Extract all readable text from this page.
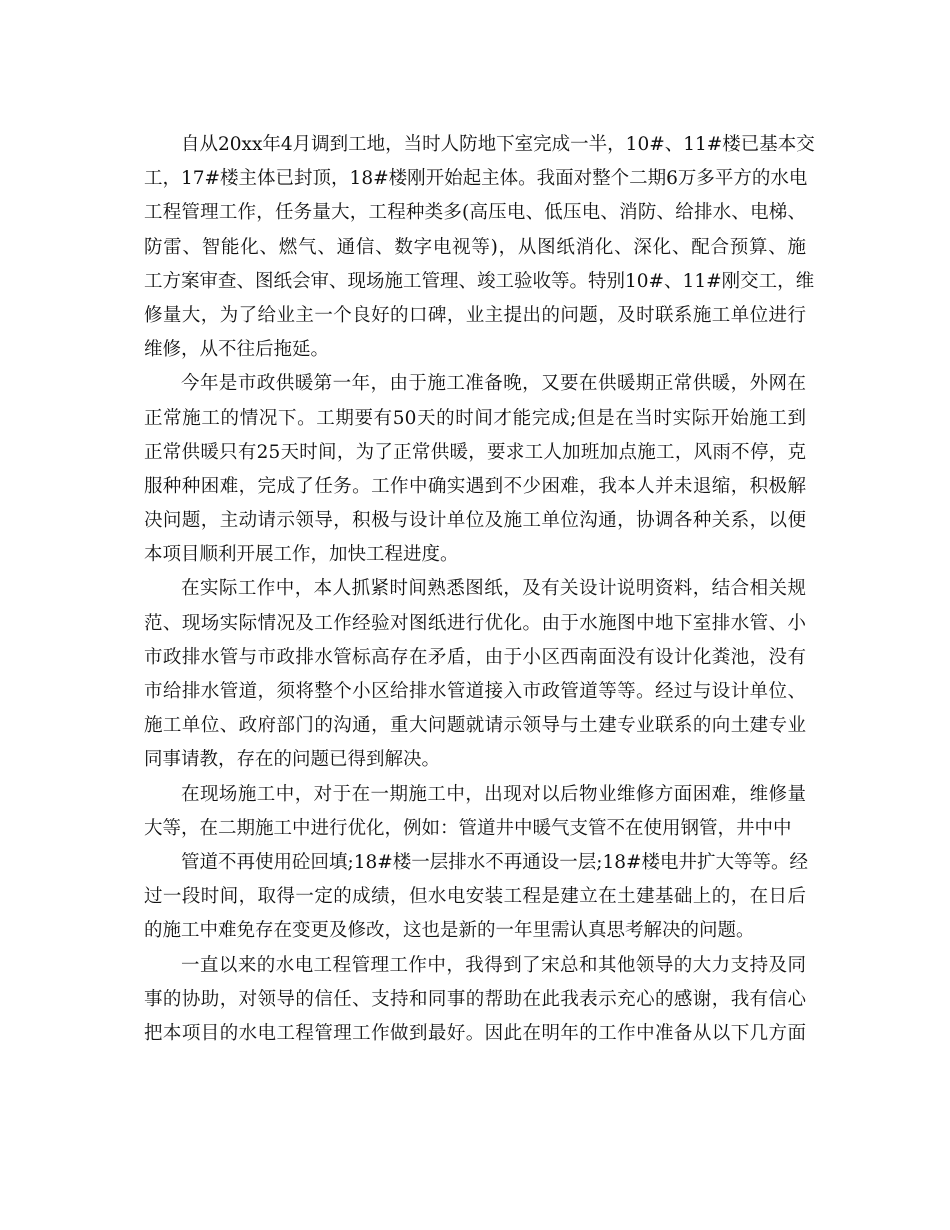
自从20xx年4月调到工地，当时人防地下室完成一半，10#、11#楼已基本交
工，17#楼主体已封顶，18#楼刚开始起主体。我面对整个二期6万多平方的水电
工程管理工作，任务量大，工程种类多(高压电、低压电、消防、给排水、电梯、
防雷、智能化、燃气、通信、数字电视等)，从图纸消化、深化、配合预算、施
工方案审查、图纸会审、现场施工管理、竣工验收等。特别10#、11#刚交工，维
修量大，为了给业主一个良好的口碑，业主提出的问题，及时联系施工单位进行
维修，从不往后拖延。
今年是市政供暖第一年，由于施工准备晚，又要在供暖期正常供暖，外网在
正常施工的情况下。工期要有50天的时间才能完成;但是在当时实际开始施工到
正常供暖只有25天时间，为了正常供暖，要求工人加班加点施工，风雨不停，克
服种种困难，完成了任务。工作中确实遇到不少困难，我本人并未退缩，积极解
决问题，主动请示领导，积极与设计单位及施工单位沟通，协调各种关系，以便
本项目顺利开展工作，加快工程进度。
在实际工作中，本人抓紧时间熟悉图纸，及有关设计说明资料，结合相关规
范、现场实际情况及工作经验对图纸进行优化。由于水施图中地下室排水管、小
市政排水管与市政排水管标高存在矛盾，由于小区西南面没有设计化粪池，没有
市给排水管道，须将整个小区给排水管道接入市政管道等等。经过与设计单位、
施工单位、政府部门的沟通，重大问题就请示领导与土建专业联系的向土建专业
同事请教，存在的问题已得到解决。
在现场施工中，对于在一期施工中，出现对以后物业维修方面困难，维修量
大等，在二期施工中进行优化，例如：管道井中暖气支管不在使用钢管，井中中
管道不再使用砼回填;18#楼一层排水不再通设一层;18#楼电井扩大等等。经
过一段时间，取得一定的成绩，但水电安装工程是建立在土建基础上的，在日后
的施工中难免存在变更及修改，这也是新的一年里需认真思考解决的问题。
一直以来的水电工程管理工作中，我得到了宋总和其他领导的大力支持及同
事的协助，对领导的信任、支持和同事的帮助在此我表示充心的感谢，我有信心
把本项目的水电工程管理工作做到最好。因此在明年的工作中准备从以下几方面
